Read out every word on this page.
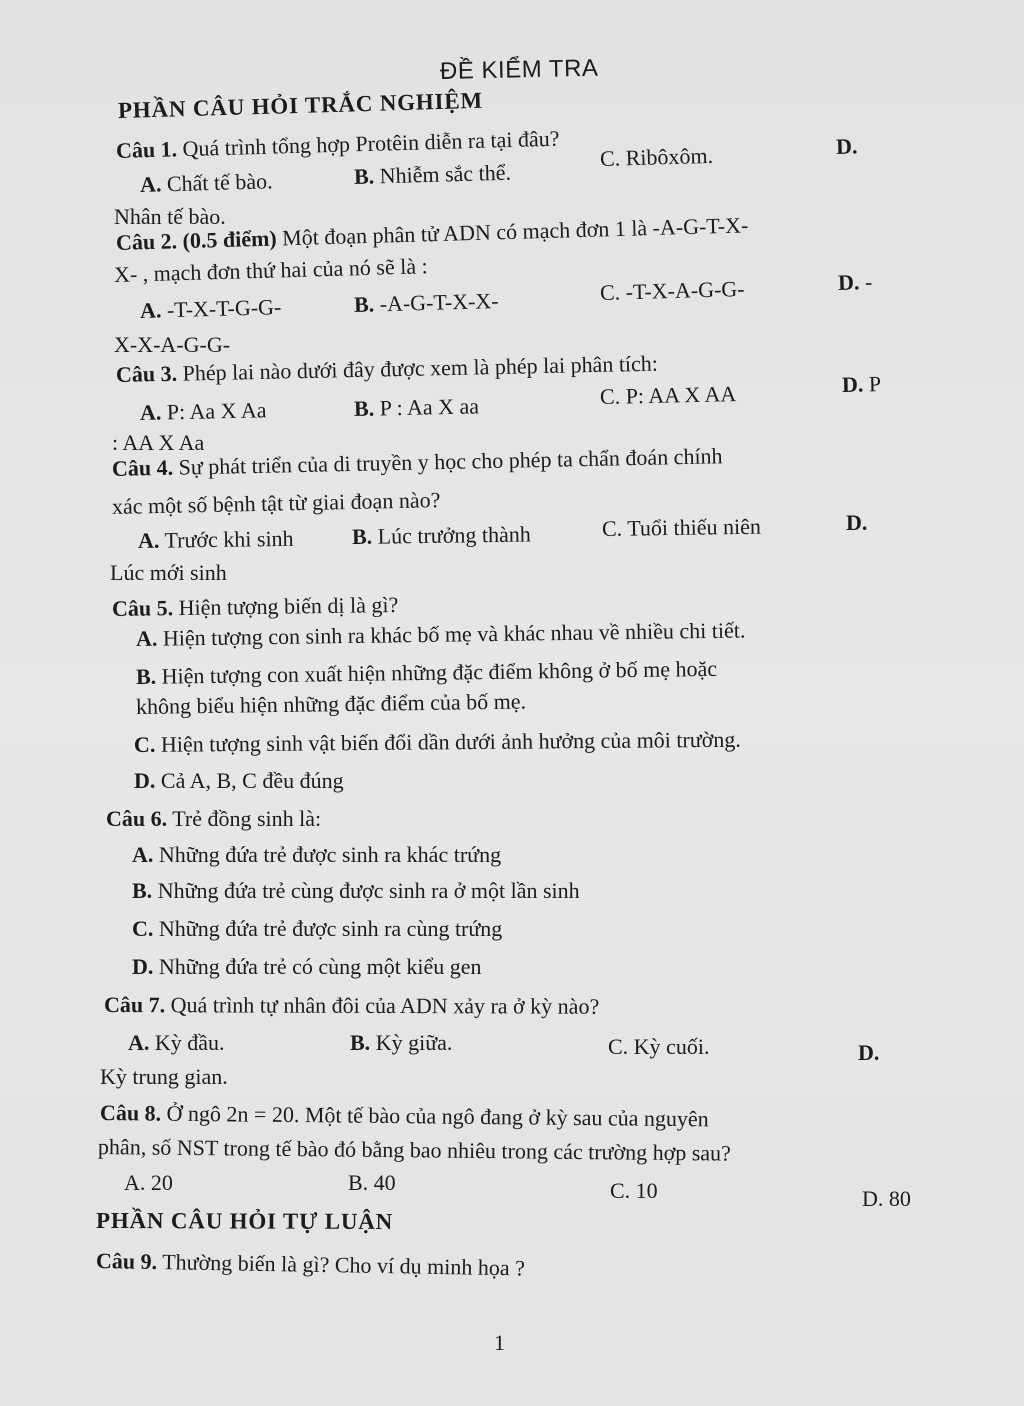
ĐỀ KIỂM TRA
PHẦN CÂU HỎI TRẮC NGHIỆM
Câu 1. Quá trình tổng hợp Protêin diễn ra tại đâu?
A. Chất tế bào.	B. Nhiễm sắc thể.
C. Ribôxôm.	D.
Nhân tế bào.
Câu 2. (0.5 điểm) Một đoạn phân tử ADN có mạch đơn 1 là -A-G-T-X-
X- , mạch đơn thứ hai của nó sẽ là :
A. -T-X-T-G-G-	B. -A-G-T-X-X-	C. -T-X-A-G-G-	D. -
X-X-A-G-G-
Câu 3. Phép lai nào dưới đây được xem là phép lai phân tích:
A. P: Aa X Aa	B. P : Aa X aa	C. P: AA X AA	D. P
: AA X Aa
Câu 4. Sự phát triển của di truyền y học cho phép ta chẩn đoán chính
xác một số bệnh tật từ giai đoạn nào?
A. Trước khi sinh	B. Lúc trưởng thành	C. Tuổi thiếu niên	D.
Lúc mới sinh
Câu 5. Hiện tượng biến dị là gì?
A. Hiện tượng con sinh ra khác bố mẹ và khác nhau về nhiều chi tiết.
B. Hiện tượng con xuất hiện những đặc điểm không ở bố mẹ hoặc
không biểu hiện những đặc điểm của bố mẹ.
C. Hiện tượng sinh vật biến đổi dần dưới ảnh hưởng của môi trường.
D. Cả A, B, C đều đúng
Câu 6. Trẻ đồng sinh là:
A. Những đứa trẻ được sinh ra khác trứng
B. Những đứa trẻ cùng được sinh ra ở một lần sinh
C. Những đứa trẻ được sinh ra cùng trứng
D. Những đứa trẻ có cùng một kiểu gen
Câu 7. Quá trình tự nhân đôi của ADN xảy ra ở kỳ nào?
A. Kỳ đầu.	B. Kỳ giữa.	C. Kỳ cuối.	D.
Kỳ trung gian.
Câu 8. Ở ngô 2n = 20. Một tế bào của ngô đang ở kỳ sau của nguyên
phân, số NST trong tế bào đó bằng bao nhiêu trong các trường hợp sau?
A. 20	B. 40	C. 10	D. 80
PHẦN CÂU HỎI TỰ LUẬN
Câu 9. Thường biến là gì? Cho ví dụ minh họa ?
1
